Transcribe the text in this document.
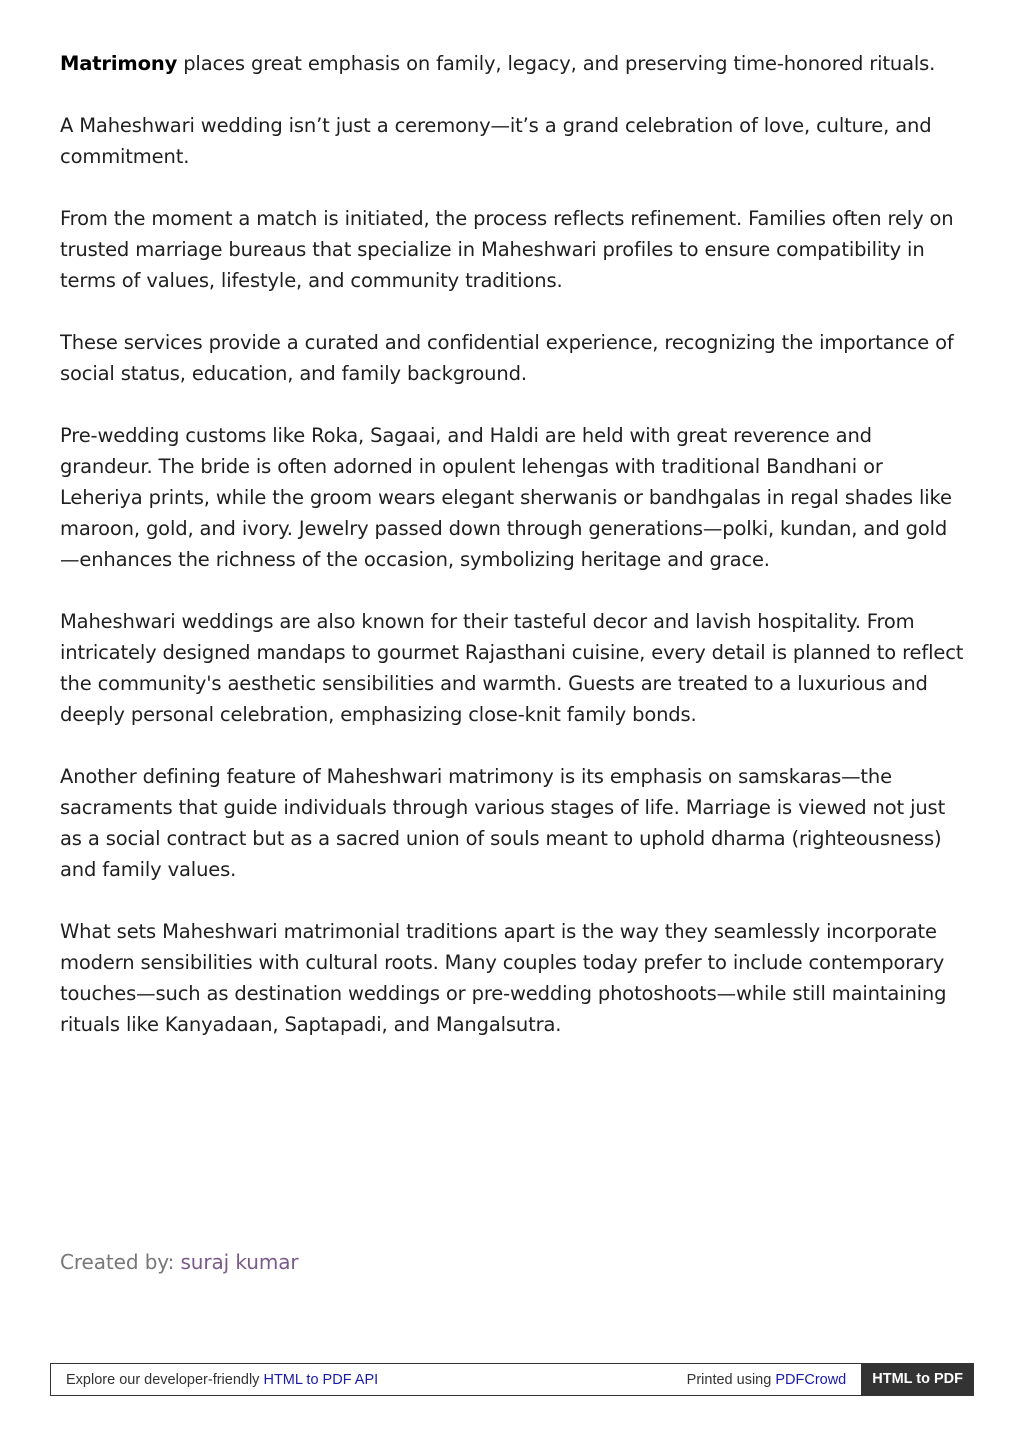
Matrimony places great emphasis on family, legacy, and preserving time-honored rituals.

A Maheshwari wedding isn’t just a ceremony—it’s a grand celebration of love, culture, and commitment.

From the moment a match is initiated, the process reflects refinement. Families often rely on trusted marriage bureaus that specialize in Maheshwari profiles to ensure compatibility in terms of values, lifestyle, and community traditions.

These services provide a curated and confidential experience, recognizing the importance of social status, education, and family background.

Pre-wedding customs like Roka, Sagaai, and Haldi are held with great reverence and grandeur. The bride is often adorned in opulent lehengas with traditional Bandhani or Leheriya prints, while the groom wears elegant sherwanis or bandhgalas in regal shades like maroon, gold, and ivory. Jewelry passed down through generations—polki, kundan, and gold—enhances the richness of the occasion, symbolizing heritage and grace.

Maheshwari weddings are also known for their tasteful decor and lavish hospitality. From intricately designed mandaps to gourmet Rajasthani cuisine, every detail is planned to reflect the community's aesthetic sensibilities and warmth. Guests are treated to a luxurious and deeply personal celebration, emphasizing close-knit family bonds.

Another defining feature of Maheshwari matrimony is its emphasis on samskaras—the sacraments that guide individuals through various stages of life. Marriage is viewed not just as a social contract but as a sacred union of souls meant to uphold dharma (righteousness) and family values.

What sets Maheshwari matrimonial traditions apart is the way they seamlessly incorporate modern sensibilities with cultural roots. Many couples today prefer to include contemporary touches—such as destination weddings or pre-wedding photoshoots—while still maintaining rituals like Kanyadaan, Saptapadi, and Mangalsutra.

Created by: suraj kumar
Explore our developer-friendly HTML to PDF API	Printed using PDFCrowd	HTML to PDF
